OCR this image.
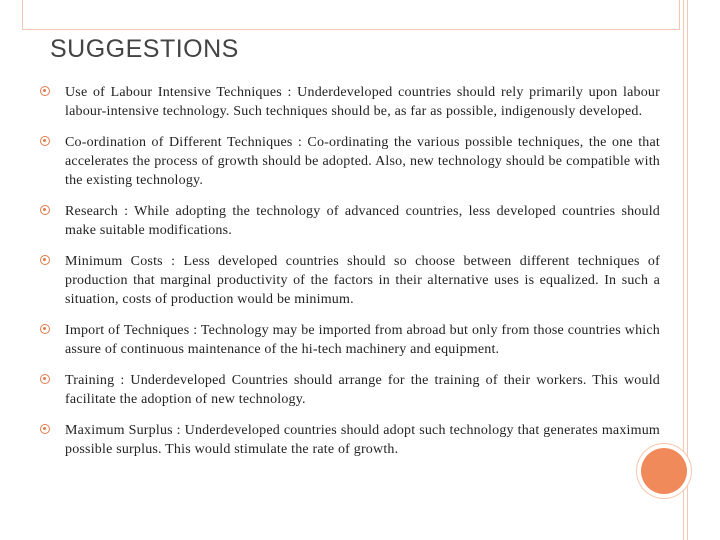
SUGGESTIONS
Use of Labour Intensive Techniques : Underdeveloped countries should rely primarily upon labour labour-intensive technology. Such techniques should be, as far as possible, indigenously developed.
Co-ordination of Different Techniques : Co-ordinating the various possible techniques, the one that accelerates the process of growth should be adopted. Also, new technology should be compatible with the existing technology.
Research : While adopting the technology of advanced countries, less developed countries should make suitable modifications.
Minimum Costs : Less developed countries should so choose between different techniques of production that marginal productivity of the factors in their alternative uses is equalized. In such a situation, costs of production would be minimum.
Import of Techniques : Technology may be imported from abroad but only from those countries which assure of continuous maintenance of the hi-tech machinery and equipment.
Training : Underdeveloped Countries should arrange for the training of their workers. This would facilitate the adoption of new technology.
Maximum Surplus : Underdeveloped countries should adopt such technology that generates maximum possible surplus. This would stimulate the rate of growth.
